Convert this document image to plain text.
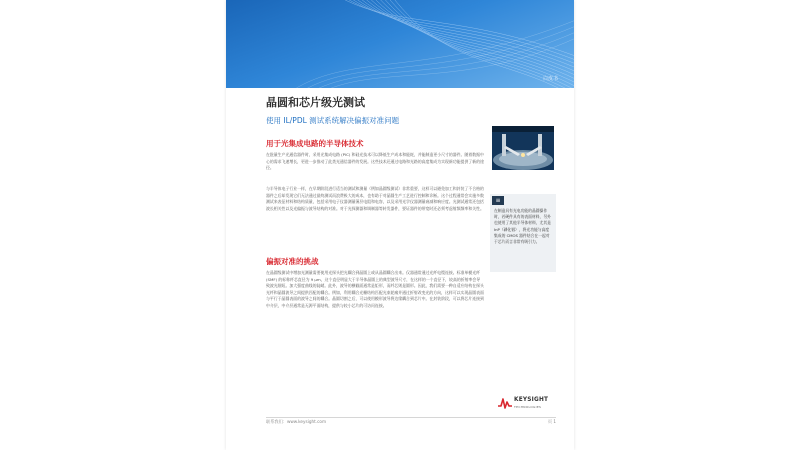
白皮书
晶圆和芯片级光测试
使用 IL/PDL 测试系统解决偏振对准问题
用于光集成电路的半导体技术

在批量生产光通信器件时，采用光集成电路 (PIC) 和硅光技术可以降低生产成本和能耗，并能制造更小尺寸的器件。随着数据中心的需求飞速增长，更进一步推动了此类光通信器件的发展。这些技术还通过电路和光路的高度集成为实现新功能提供了新的途径。

与半导体电子行业一样，在早期阶段进行适当的测试和测量（例如晶圆级测试）非常重要，这样可以避免加工和封装了不合格的器件之后却发现它们无法通过最终测试而浪费极大的成本，也有助于对晶圆生产工艺进行控制和诊断。这个过程通常会实施多数测试来表征材料和结构质量，包括采用电子仪器测量薄层电阻和电容，以及采用光学仪器测量衰减和响应度。光测试通常还包括波长相关性以及光偏振与波导结构的对准。对于光探测器和调制器等转发器件，要证器件的带宽时还必须考虑射频频率和关性。

偏振对准的挑战

在晶圆级测试中增加光测量需要使用光探头把光耦合到晶圆上或从晶圆耦合出来。仅器通常通过光纤电缆连接。标准单模光纤 (SMF) 的标称纤芯直径为 9 µm，这个直径明显大于半导体晶圆上的典型波导尺寸，在这样的一个直径下，较高的折射率会导致波光细短。加大强度曲线的陡峭。此外，波导的横截面通常是矩形，而纤芯则是圆形。因此，我们需要一种自适应结构在探头光纤和晶圆波导之间提供匹配的耦合。例如，利用耦合光栅结构匹配光束轮廓并通过折射改变光的方向，这样可以实现晶圆表面与平行于晶圆表面的波导之间的耦合。晶圆切割之后，可以使用模形波导将边缘耦合到芯片中。在封装阶段，可以将芯片连接到中介层，中介层通常是无源平面结构，提供与较小芯片的可访问连接。

≡

在制造具有光电功能的晶圆操作时，若硬件具有的表面材料，另外也使用了其他半导体材料，尤其是 InP（磷化铟），将光功能与高度集成的 CMOS 器件结合在一起对于芯片而言非常有吸引力。

KEYSIGHT
TECHNOLOGIES
联系我们：www.keysight.com	页 1
